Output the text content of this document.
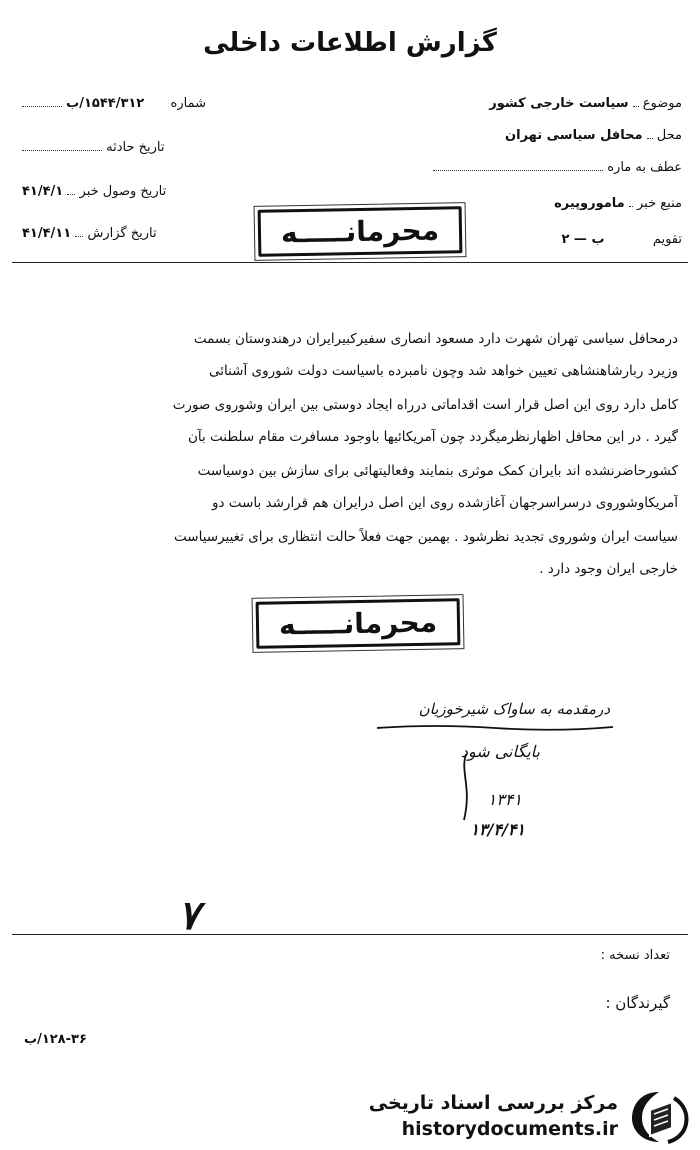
گزارش اطلاعات داخلی
موضوع  سیاست خارجی کشور
محل  محافل سیاسی تهران
عطف به ماره
منبع خبر  ماموروپیره
تقویم  ب — ۲
شماره  ۱۵۴۴/۳۱۲/ب
تاریخ حادثه
تاریخ وصول خبر  ۴۱/۴/۱
تاریخ گزارش  ۴۱/۴/۱۱	محرمانـــــه
درمحافل سیاسی تهران شهرت دارد مسعود انصاری سفیرکبیرایران درهندوستان بسمت
وزیرد ربارشاهنشاهی تعیین خواهد شد وچون نامبرده باسیاست دولت شوروی آشنائی
کامل دارد روی این اصل قرار است اقداماتی درراه ایجاد دوستی بین ایران وشوروی صورت
گیرد . در این محافل اظهارنظرمیگردد چون آمریکائیها باوجود مسافرت مقام سلطنت بآن
کشورحاضرنشده اند بایران کمک موثری بنمایند وفعالیتهائی برای سازش بین دوسیاست
آمریکاوشوروی درسراسرجهان آغازشده روی این اصل درایران هم قرارشد باست دو
سیاست ایران وشوروی تجدید نظرشود . بهمین جهت فعلاً حالت انتظاری برای تغییرسیاست
خارجی ایران وجود دارد .
محرمانـــــه
درمقدمه به ساواک شیرخوزیان
بایگانی شود
۱۳۴۱
۱۳/۴/۴۱
۷
تعداد نسخه :
گیرندگان :
۱۲۸-۳۶/ب
مرکز بررسی اسناد تاریخی
historydocuments.ir
